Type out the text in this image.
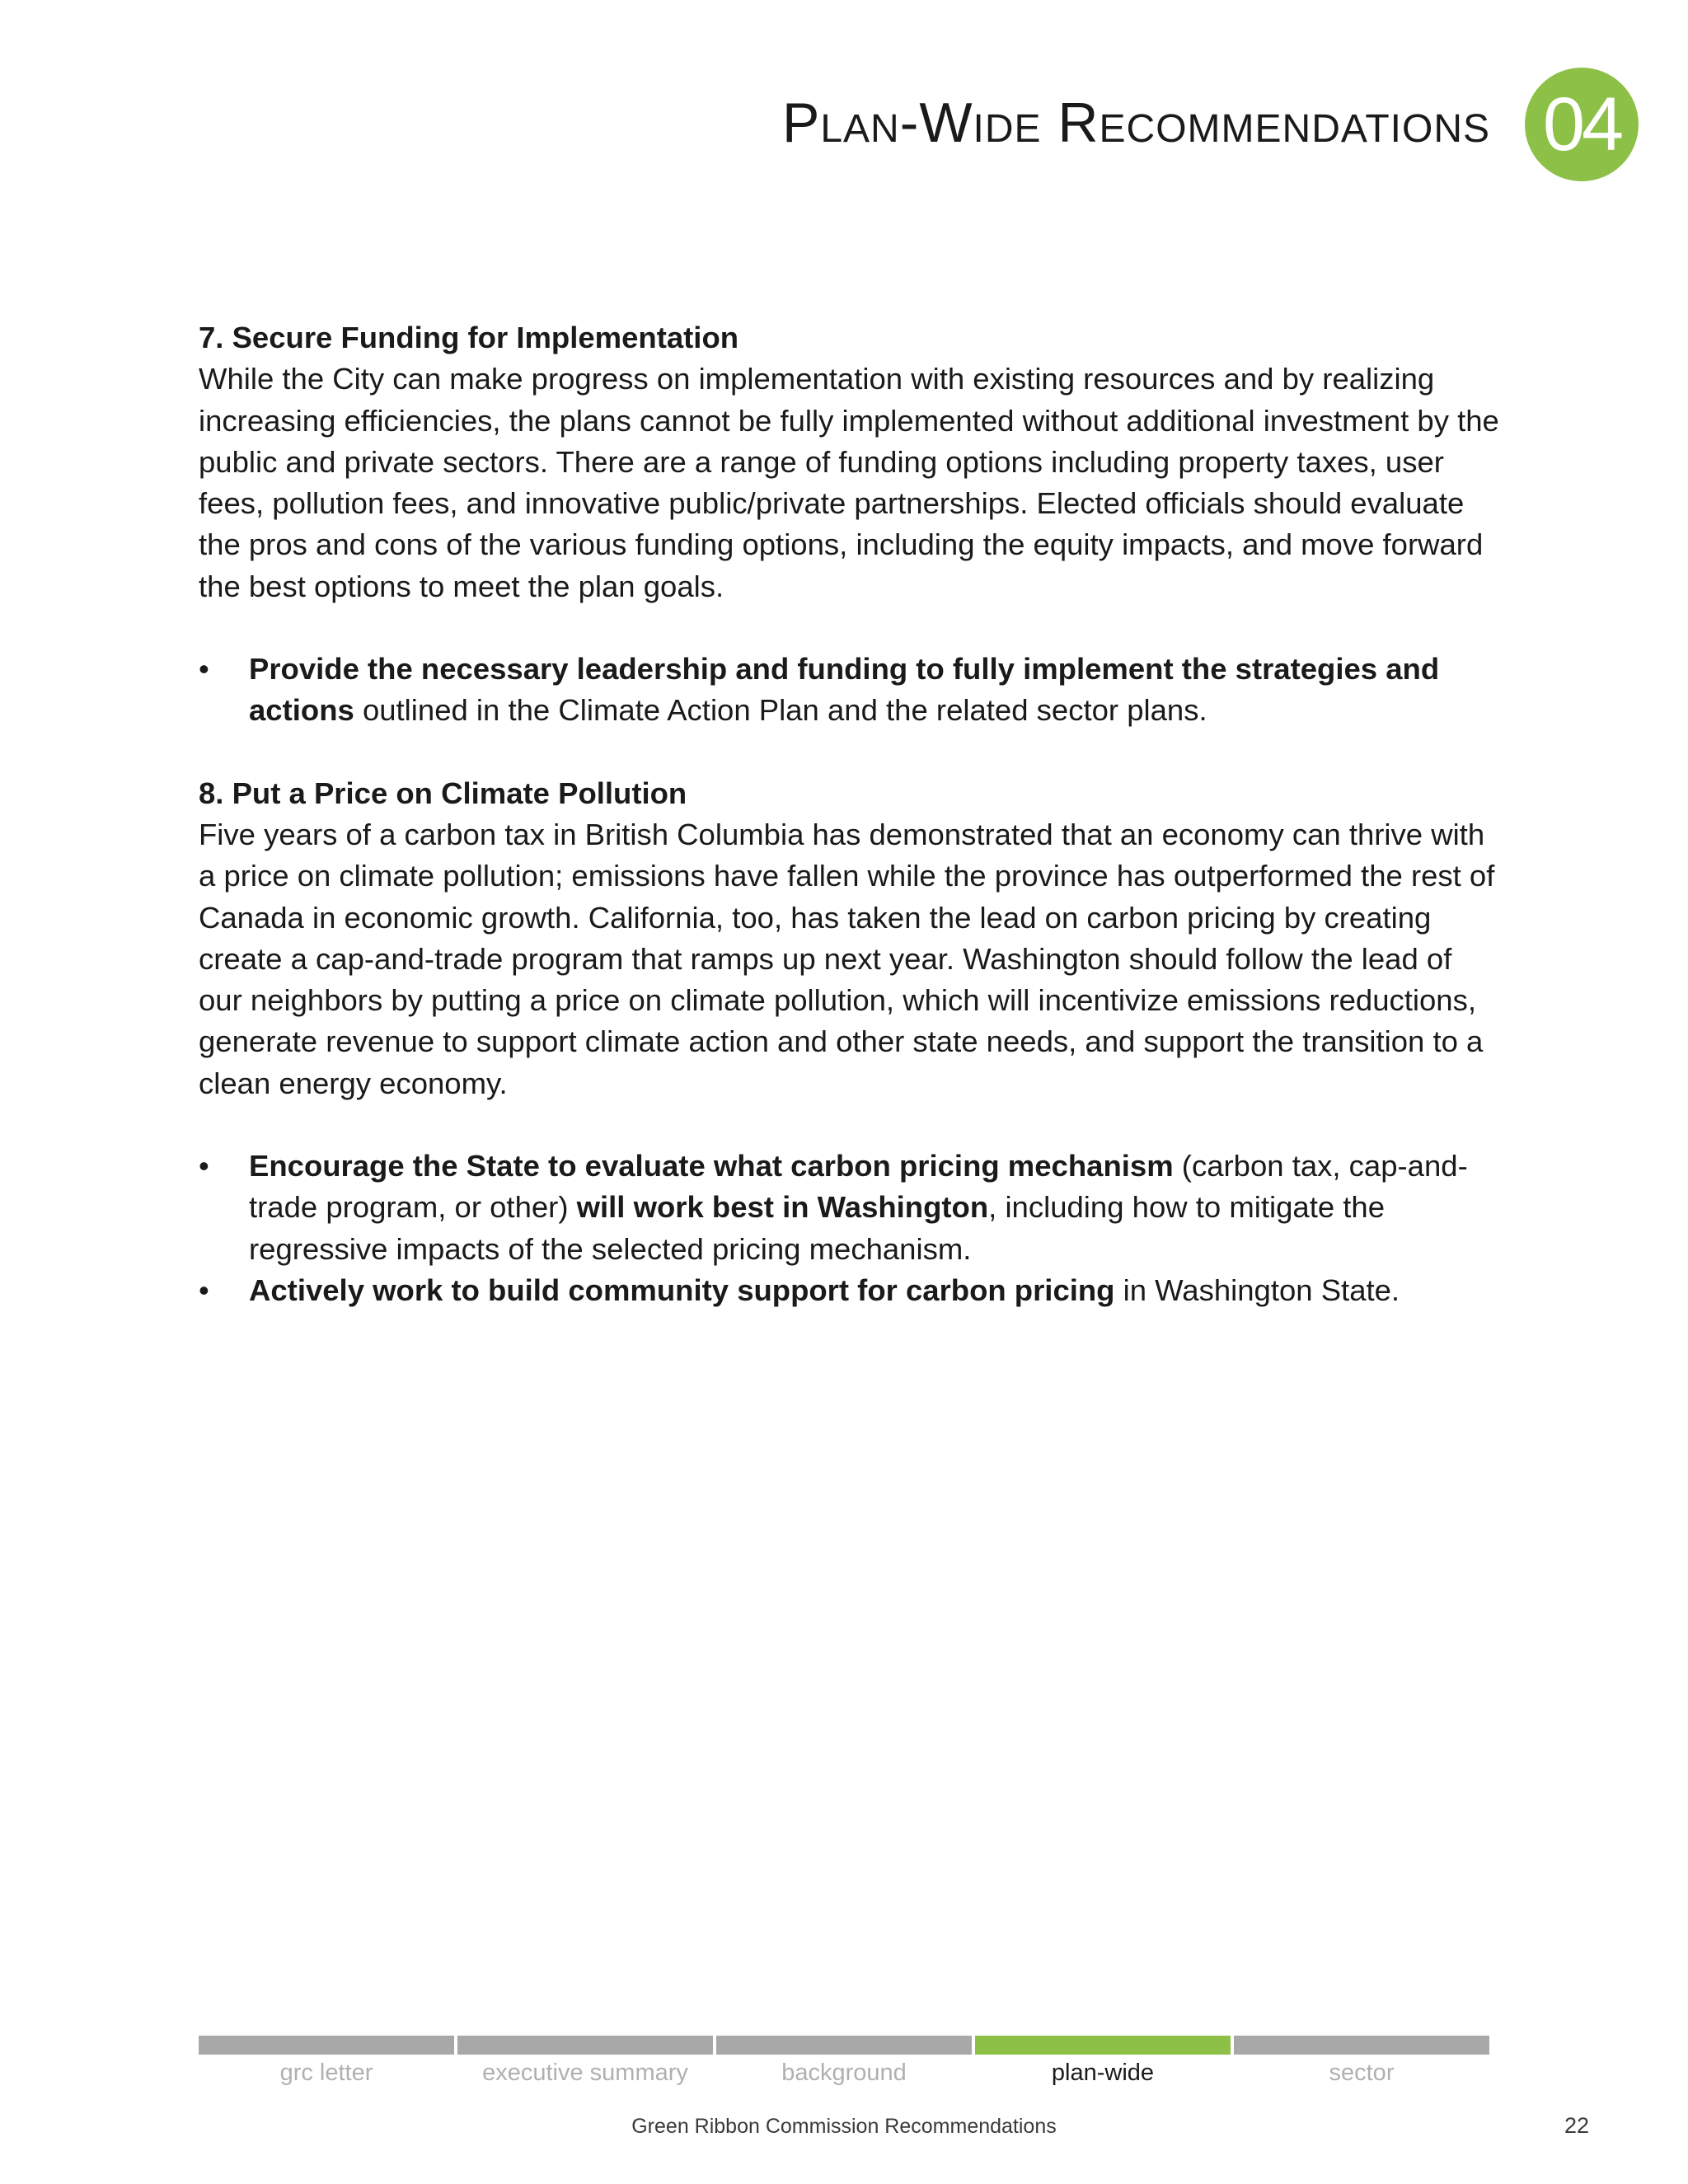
Plan-Wide Recommendations 04
7. Secure Funding for Implementation

While the City can make progress on implementation with existing resources and by realizing increasing efficiencies, the plans cannot be fully implemented without additional investment by the public and private sectors. There are a range of funding options including property taxes, user fees, pollution fees, and innovative public/private partnerships. Elected officials should evaluate the pros and cons of the various funding options, including the equity impacts, and move forward the best options to meet the plan goals.

• Provide the necessary leadership and funding to fully implement the strategies and actions outlined in the Climate Action Plan and the related sector plans.
8. Put a Price on Climate Pollution

Five years of a carbon tax in British Columbia has demonstrated that an economy can thrive with a price on climate pollution; emissions have fallen while the province has outperformed the rest of Canada in economic growth. California, too, has taken the lead on carbon pricing by creating create a cap-and-trade program that ramps up next year. Washington should follow the lead of our neighbors by putting a price on climate pollution, which will incentivize emissions reductions, generate revenue to support climate action and other state needs, and support the transition to a clean energy economy.

• Encourage the State to evaluate what carbon pricing mechanism (carbon tax, cap-and-trade program, or other) will work best in Washington, including how to mitigate the regressive impacts of the selected pricing mechanism.
• Actively work to build community support for carbon pricing in Washington State.
grc letter	executive summary	background	plan-wide	sector
Green Ribbon Commission Recommendations	22
